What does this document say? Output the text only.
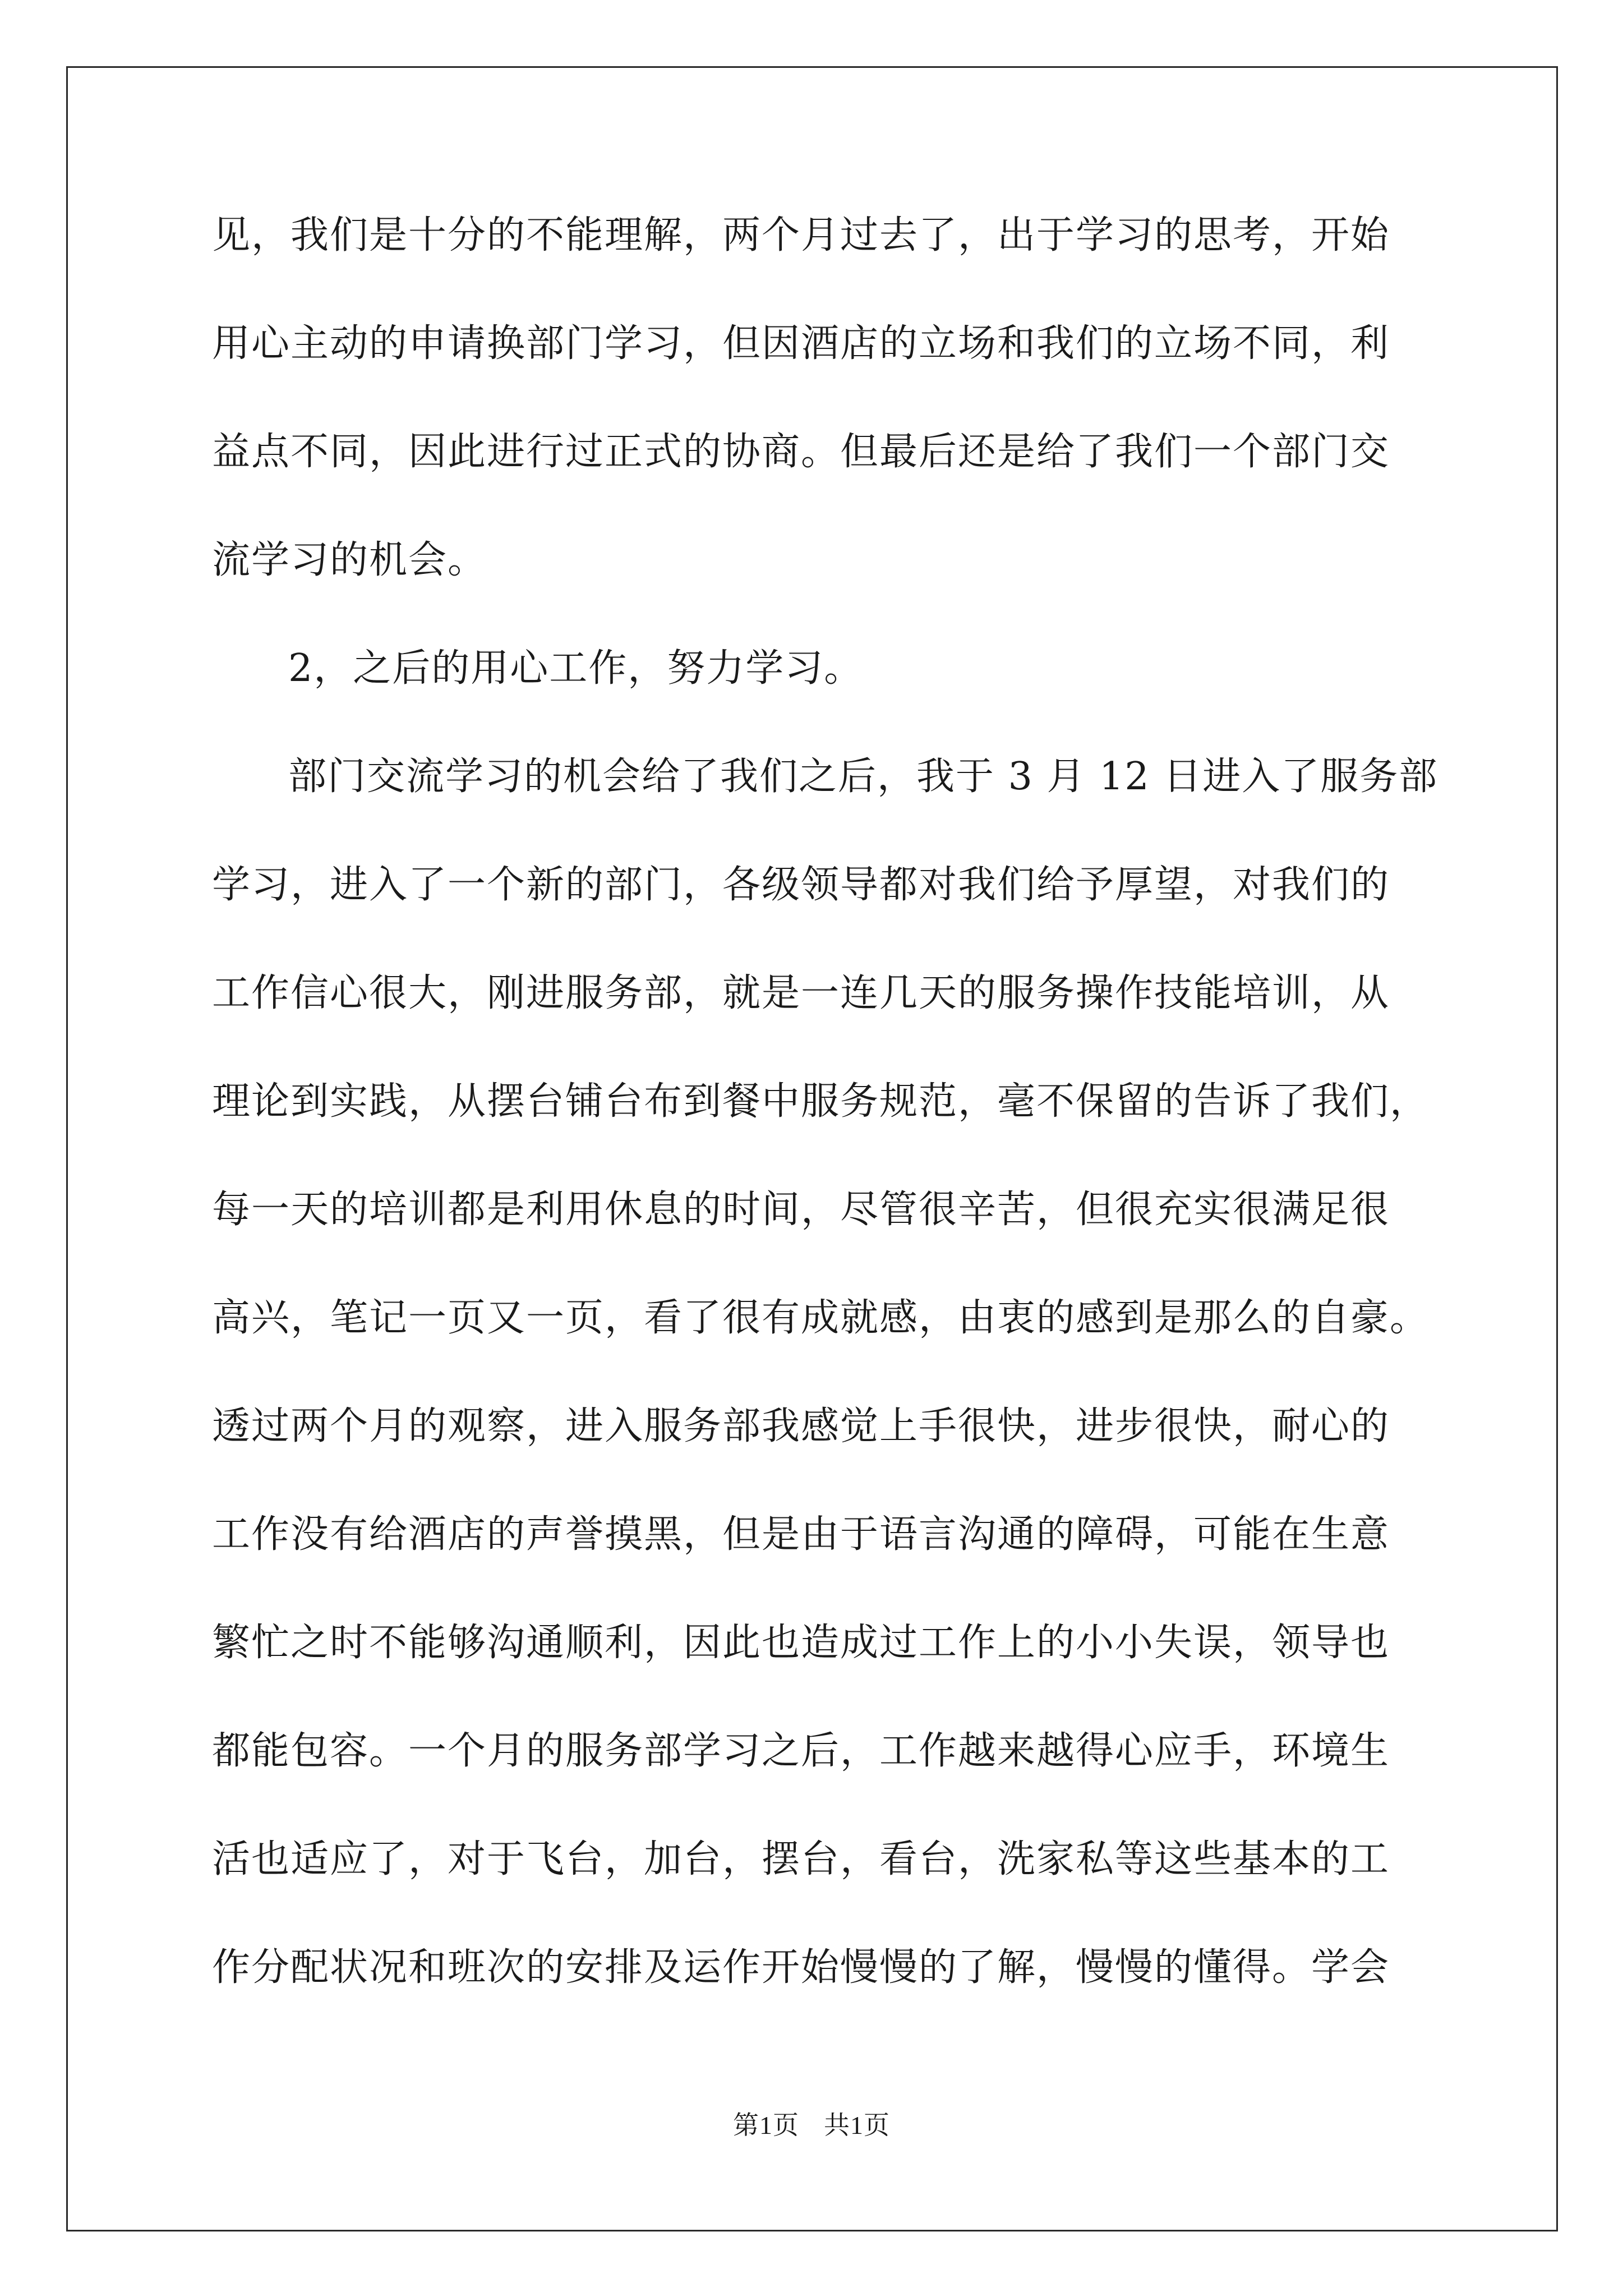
见，我们是十分的不能理解，两个月过去了，出于学习的思考，开始
用心主动的申请换部门学习，但因酒店的立场和我们的立场不同，利
益点不同，因此进行过正式的协商。但最后还是给了我们一个部门交
流学习的机会。
2，之后的用心工作，努力学习。
部门交流学习的机会给了我们之后，我于 3 月 12 日进入了服务部
学习，进入了一个新的部门，各级领导都对我们给予厚望，对我们的
工作信心很大，刚进服务部，就是一连几天的服务操作技能培训，从
理论到实践，从摆台铺台布到餐中服务规范，毫不保留的告诉了我们，
每一天的培训都是利用休息的时间，尽管很辛苦，但很充实很满足很
高兴，笔记一页又一页，看了很有成就感，由衷的感到是那么的自豪。
透过两个月的观察，进入服务部我感觉上手很快，进步很快，耐心的
工作没有给酒店的声誉摸黑，但是由于语言沟通的障碍，可能在生意
繁忙之时不能够沟通顺利，因此也造成过工作上的小小失误，领导也
都能包容。一个月的服务部学习之后，工作越来越得心应手，环境生
活也适应了，对于飞台，加台，摆台，看台，洗家私等这些基本的工
作分配状况和班次的安排及运作开始慢慢的了解，慢慢的懂得。学会
第1页 共1页
